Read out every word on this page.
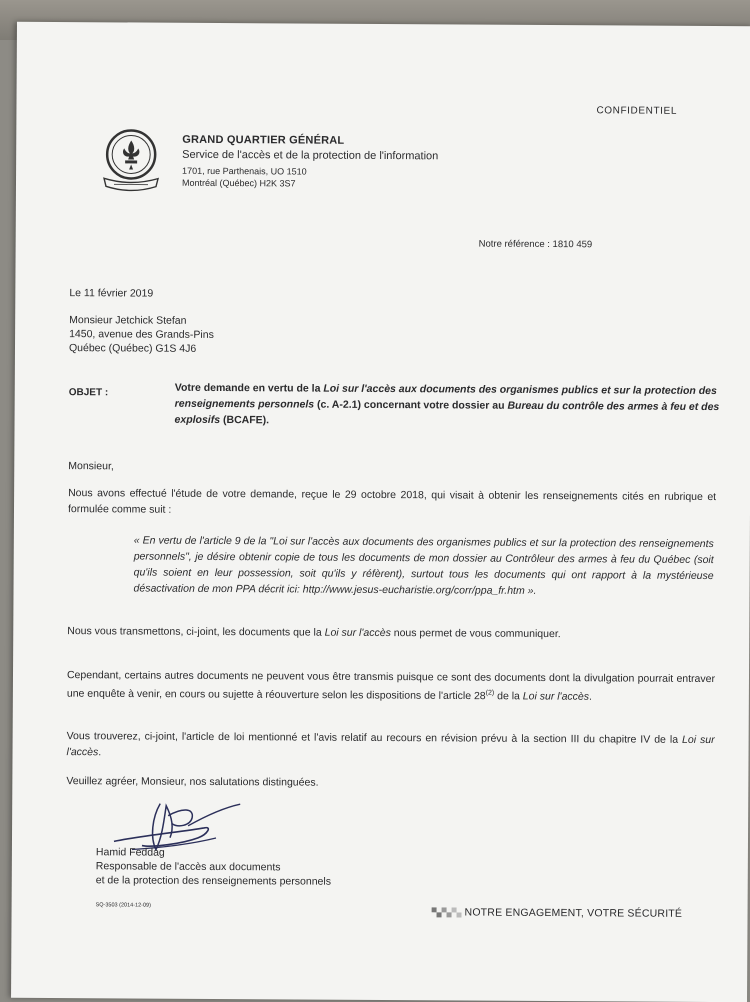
CONFIDENTIEL
GRAND QUARTIER GÉNÉRAL
Service de l'accès et de la protection de l'information
1701, rue Parthenais, UO 1510
Montréal (Québec) H2K 3S7
Notre référence : 1810 459
Le 11 février 2019
Monsieur Jetchick Stefan
1450, avenue des Grands-Pins
Québec (Québec) G1S 4J6
OBJET :	Votre demande en vertu de la Loi sur l'accès aux documents des organismes publics et sur la protection des renseignements personnels (c. A-2.1) concernant votre dossier au Bureau du contrôle des armes à feu et des explosifs (BCAFE).
Monsieur,
Nous avons effectué l'étude de votre demande, reçue le 29 octobre 2018, qui visait à obtenir les renseignements cités en rubrique et formulée comme suit :
« En vertu de l'article 9 de la "Loi sur l'accès aux documents des organismes publics et sur la protection des renseignements personnels", je désire obtenir copie de tous les documents de mon dossier au Contrôleur des armes à feu du Québec (soit qu'ils soient en leur possession, soit qu'ils y réfèrent), surtout tous les documents qui ont rapport à la mystérieuse désactivation de mon PPA décrit ici: http://www.jesus-eucharistie.org/corr/ppa_fr.htm ».
Nous vous transmettons, ci-joint, les documents que la Loi sur l'accès nous permet de vous communiquer.
Cependant, certains autres documents ne peuvent vous être transmis puisque ce sont des documents dont la divulgation pourrait entraver une enquête à venir, en cours ou sujette à réouverture selon les dispositions de l'article 28$^{(2)}$ de la Loi sur l'accès.
Vous trouverez, ci-joint, l'article de loi mentionné et l'avis relatif au recours en révision prévu à la section III du chapitre IV de la Loi sur l'accès.
Veuillez agréer, Monsieur, nos salutations distinguées.
Hamid Feddag
Responsable de l'accès aux documents
et de la protection des renseignements personnels
SQ-3503 (2014-12-09)
NOTRE ENGAGEMENT, VOTRE SÉCURITÉ
